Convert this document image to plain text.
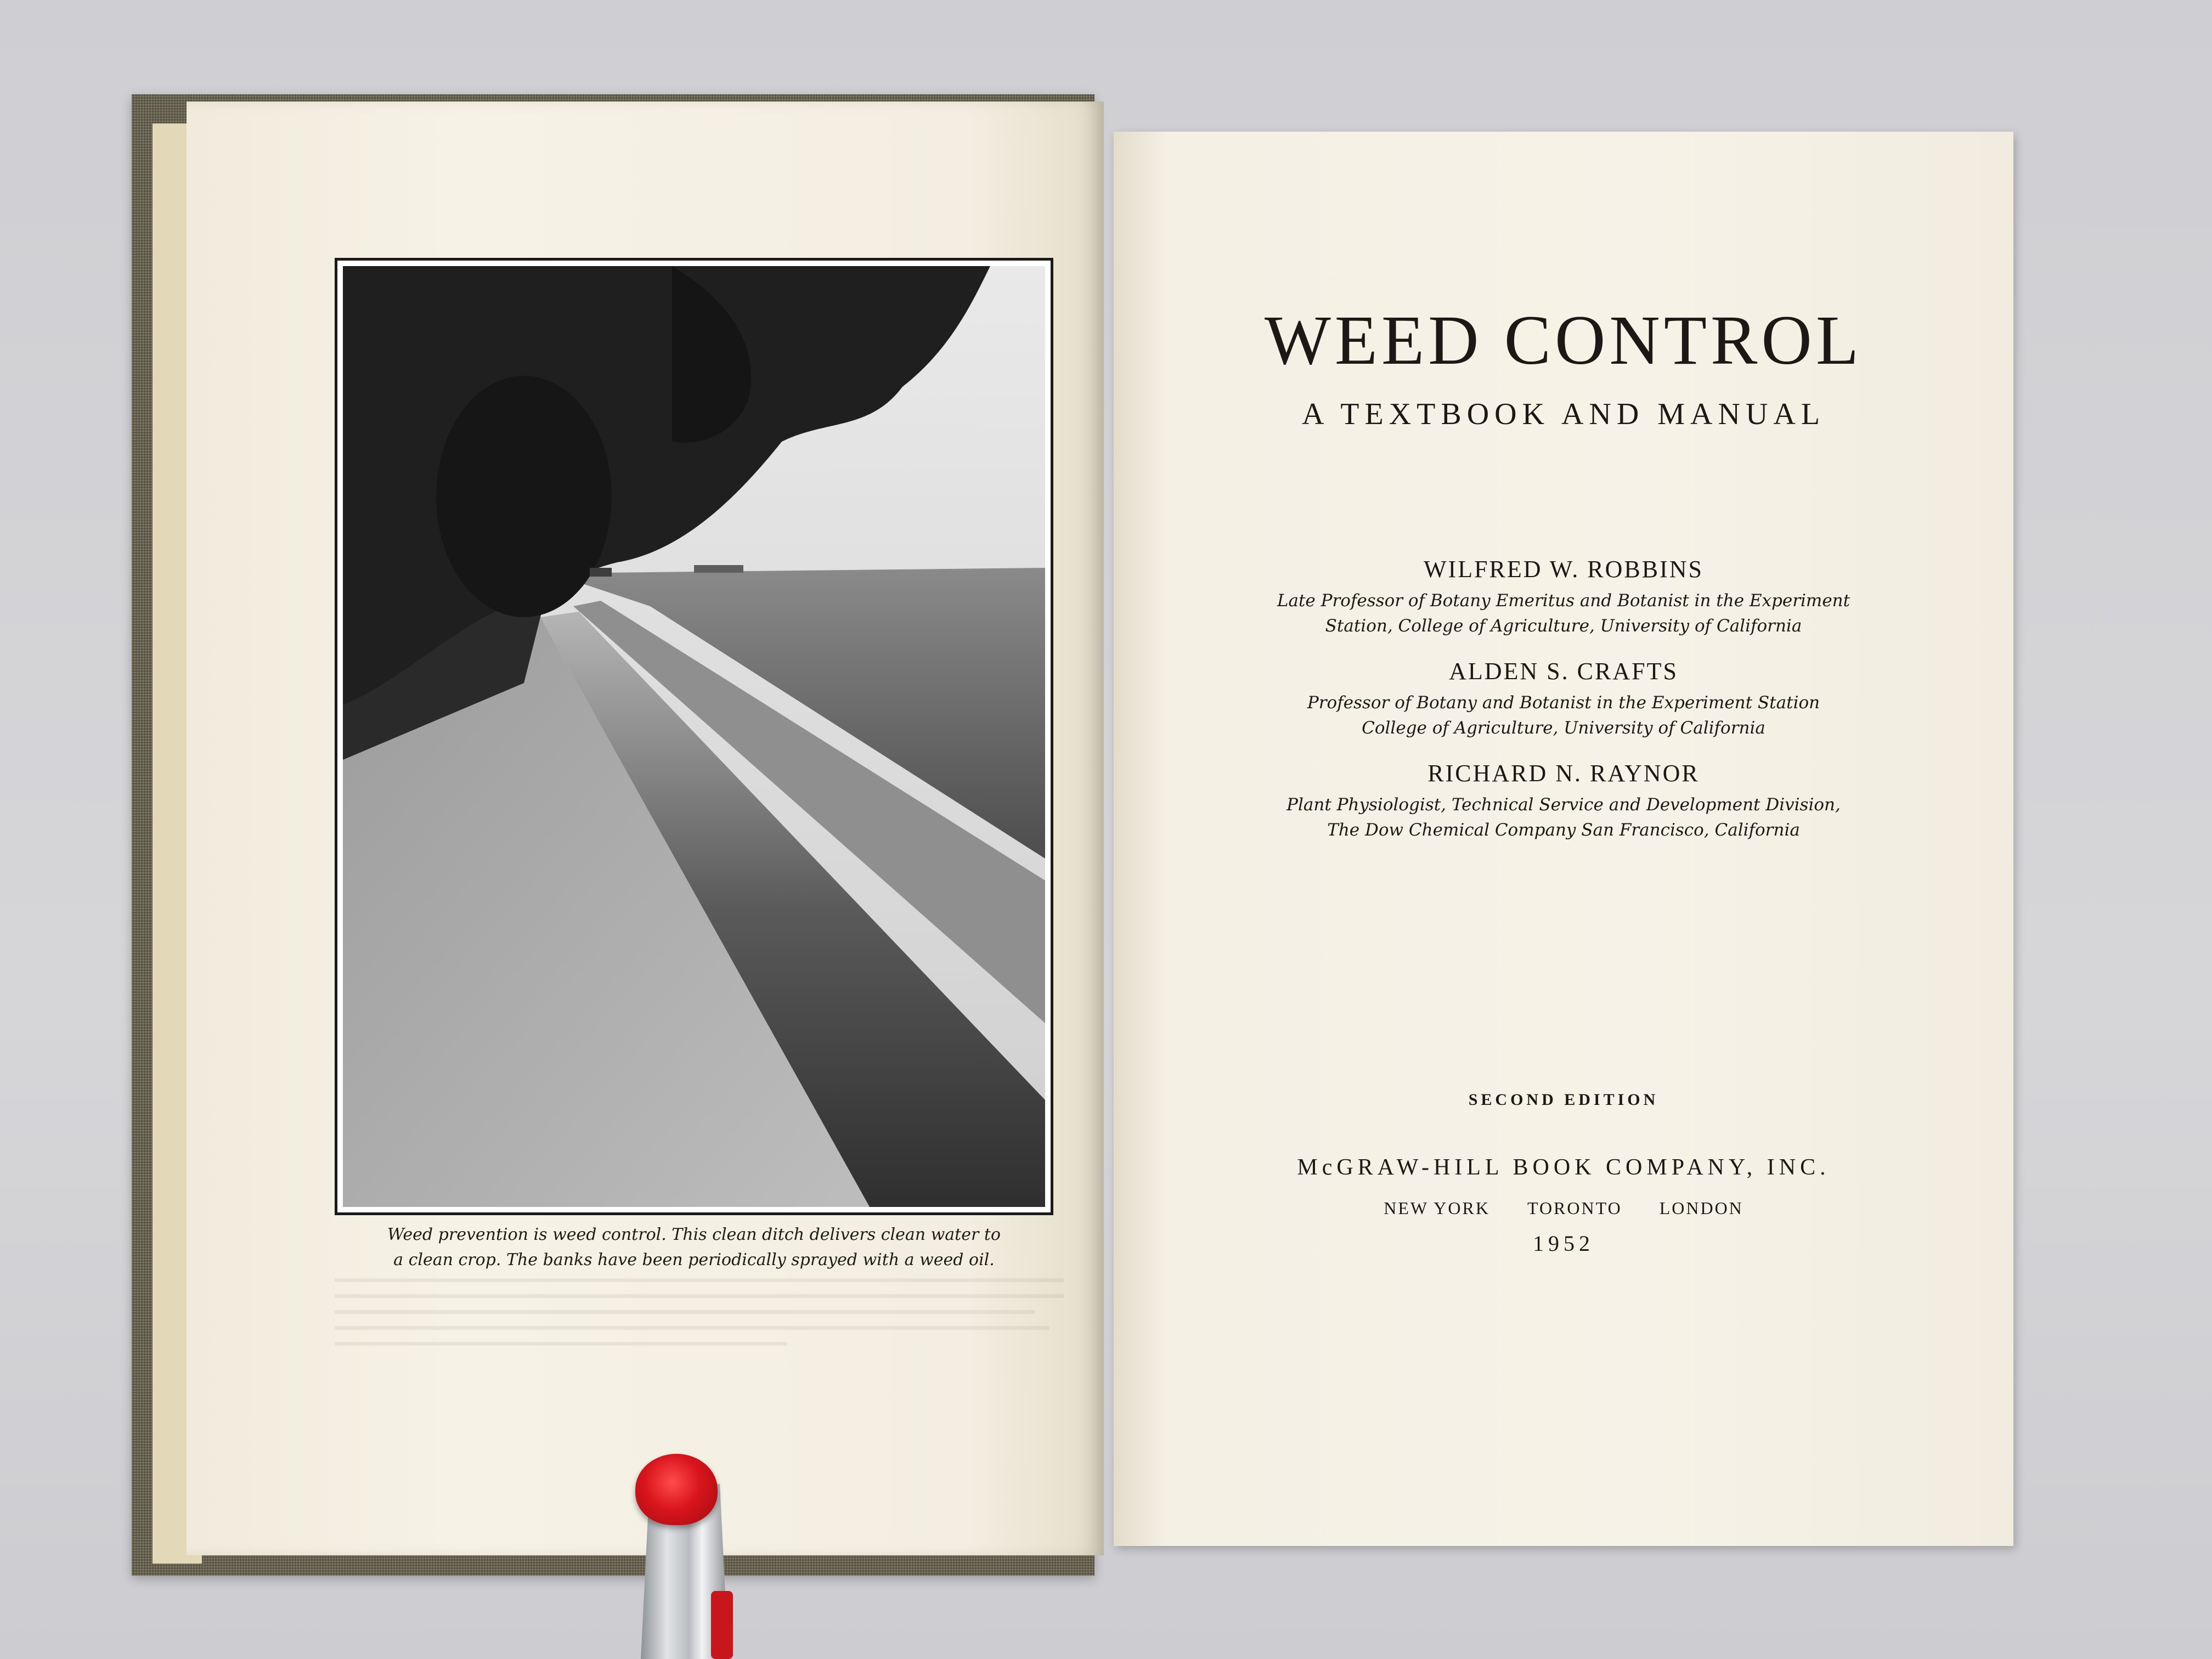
Weed prevention is weed control. This clean ditch delivers clean water to
a clean crop. The banks have been periodically sprayed with a weed oil.
WEED CONTROL
A TEXTBOOK AND MANUAL
WILFRED W. ROBBINS
Late Professor of Botany Emeritus and Botanist in the Experiment
Station, College of Agriculture, University of California
ALDEN S. CRAFTS
Professor of Botany and Botanist in the Experiment Station
College of Agriculture, University of California
RICHARD N. RAYNOR
Plant Physiologist, Technical Service and Development Division,
The Dow Chemical Company San Francisco, California
SECOND EDITION
McGRAW-HILL BOOK COMPANY, INC.
NEW YORK TORONTO LONDON
1952
